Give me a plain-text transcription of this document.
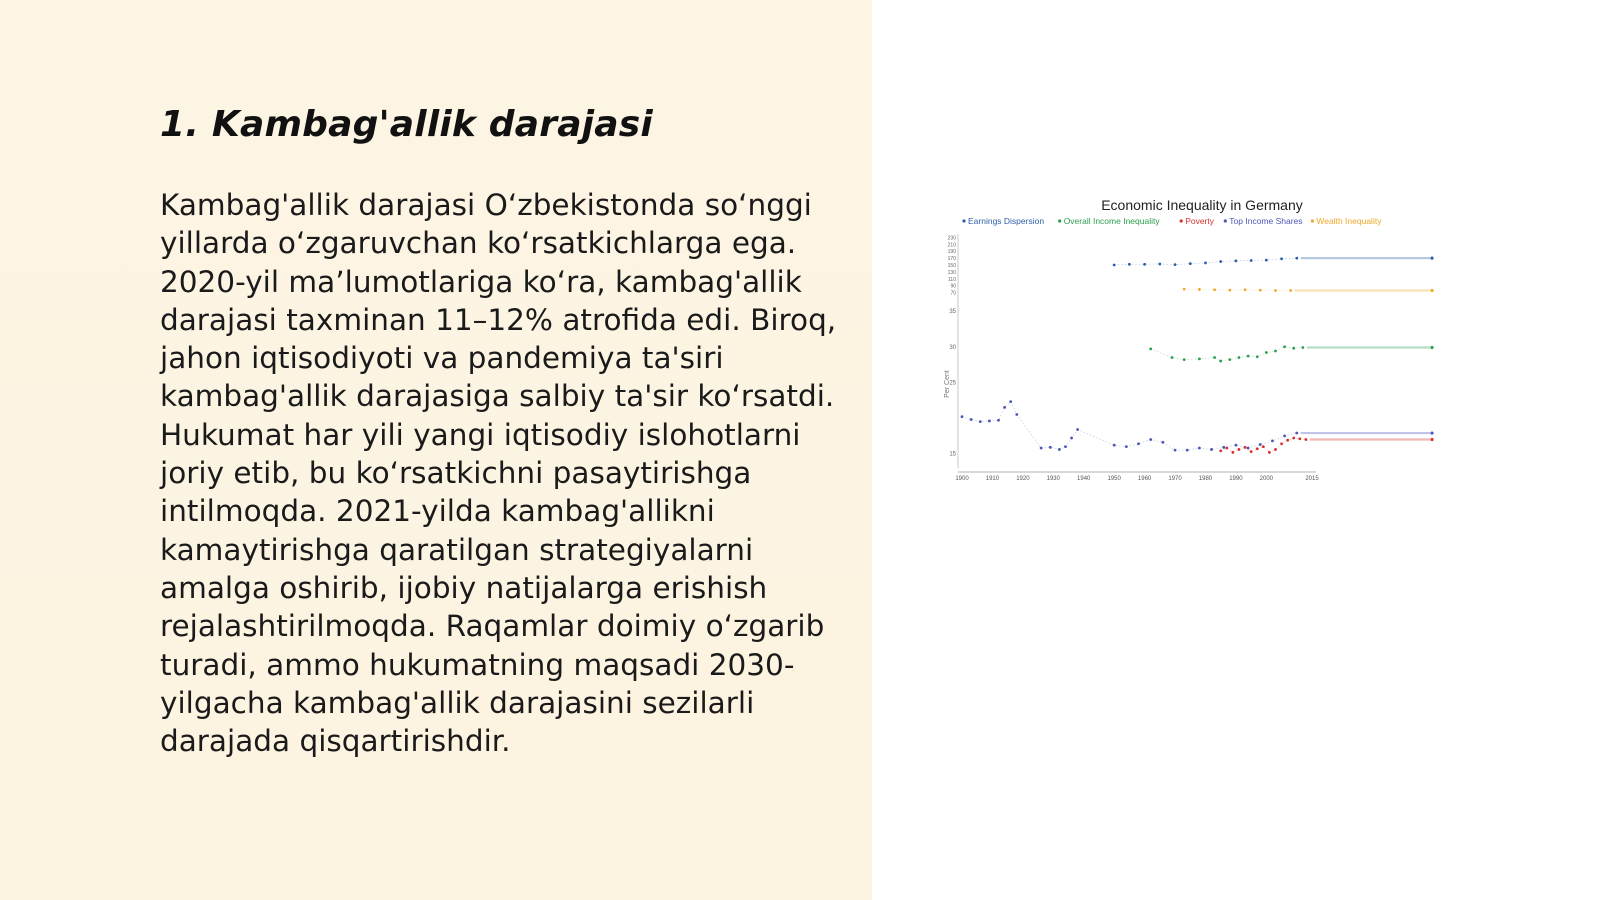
1. Kambag'allik darajasi

Kambag'allik darajasi O‘zbekistonda so‘nggi yillarda o‘zgaruvchan ko‘rsatkichlarga ega. 2020-yil ma’lumotlariga ko‘ra, kambag'allik darajasi taxminan 11–12% atrofida edi. Biroq, jahon iqtisodiyoti va pandemiya ta'siri kambag'allik darajasiga salbiy ta'sir ko‘rsatdi. Hukumat har yili yangi iqtisodiy islohotlarni joriy etib, bu ko‘rsatkichni pasaytirishga intilmoqda. 2021-yilda kambag'allikni kamaytirishga qaratilgan strategiyalarni amalga oshirib, ijobiy natijalarga erishish rejalashtirilmoqda. Raqamlar doimiy o‘zgarib turadi, ammo hukumatning maqsadi 2030-yilgacha kambag'allik darajasini sezilarli darajada qisqartirishdir.

Economic Inequality in Germany
Earnings Dispersion Overall Income Inequality	Poverty Top Income Shares Wealth Inequality
Per Cent
230
210
190
170
150
130
110
90
70
35
30
25
15
1900	1910	1920	1930	1940	1950	1960	1970	1980	1990	2000	2015
